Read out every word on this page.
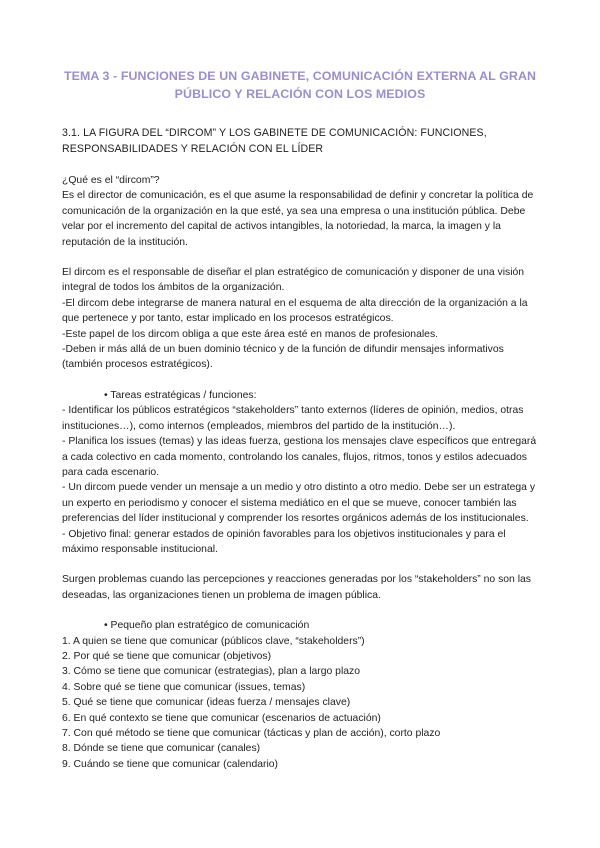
TEMA 3 - FUNCIONES DE UN GABINETE, COMUNICACIÓN EXTERNA AL GRAN PÚBLICO Y RELACIÓN CON LOS MEDIOS
3.1. LA FIGURA DEL “DIRCOM” Y LOS GABINETE DE COMUNICACIÓN: FUNCIONES, RESPONSABILIDADES Y RELACIÓN CON EL LÍDER

¿Qué es el “dircom”?

Es el director de comunicación, es el que asume la responsabilidad de definir y concretar la política de comunicación de la organización en la que esté, ya sea una empresa o una institución pública. Debe velar por el incremento del capital de activos intangibles, la notoriedad, la marca, la imagen y la reputación de la institución.

El dircom es el responsable de diseñar el plan estratégico de comunicación y disponer de una visión integral de todos los ámbitos de la organización.

-El dircom debe integrarse de manera natural en el esquema de alta dirección de la organización a la que pertenece y por tanto, estar implicado en los procesos estratégicos.

-Este papel de los dircom obliga a que este área esté en manos de profesionales.

-Deben ir más allá de un buen dominio técnico y de la función de difundir mensajes informativos (también procesos estratégicos).

• Tareas estratégicas / funciones:

- Identificar los públicos estratégicos “stakeholders” tanto externos (líderes de opinión, medios, otras instituciones…), como internos (empleados, miembros del partido de la institución…).

- Planifica los issues (temas) y las ideas fuerza, gestiona los mensajes clave específicos que entregará a cada colectivo en cada momento, controlando los canales, flujos, ritmos, tonos y estilos adecuados para cada escenario.

- Un dircom puede vender un mensaje a un medio y otro distinto a otro medio. Debe ser un estratega y un experto en periodismo y conocer el sistema mediático en el que se mueve, conocer también las preferencias del líder institucional y comprender los resortes orgánicos además de los institucionales.

- Objetivo final: generar estados de opinión favorables para los objetivos institucionales y para el máximo responsable institucional.

Surgen problemas cuando las percepciones y reacciones generadas por los “stakeholders” no son las deseadas, las organizaciones tienen un problema de imagen pública.

• Pequeño plan estratégico de comunicación

1. A quien se tiene que comunicar (públicos clave, “stakeholders”)
2. Por qué se tiene que comunicar (objetivos)
3. Cómo se tiene que comunicar (estrategias), plan a largo plazo
4. Sobre qué se tiene que comunicar (issues, temas)
5. Qué se tiene que comunicar (ideas fuerza / mensajes clave)
6. En qué contexto se tiene que comunicar (escenarios de actuación)
7. Con qué método se tiene que comunicar (tácticas y plan de acción), corto plazo
8. Dónde se tiene que comunicar (canales)
9. Cuándo se tiene que comunicar (calendario)
